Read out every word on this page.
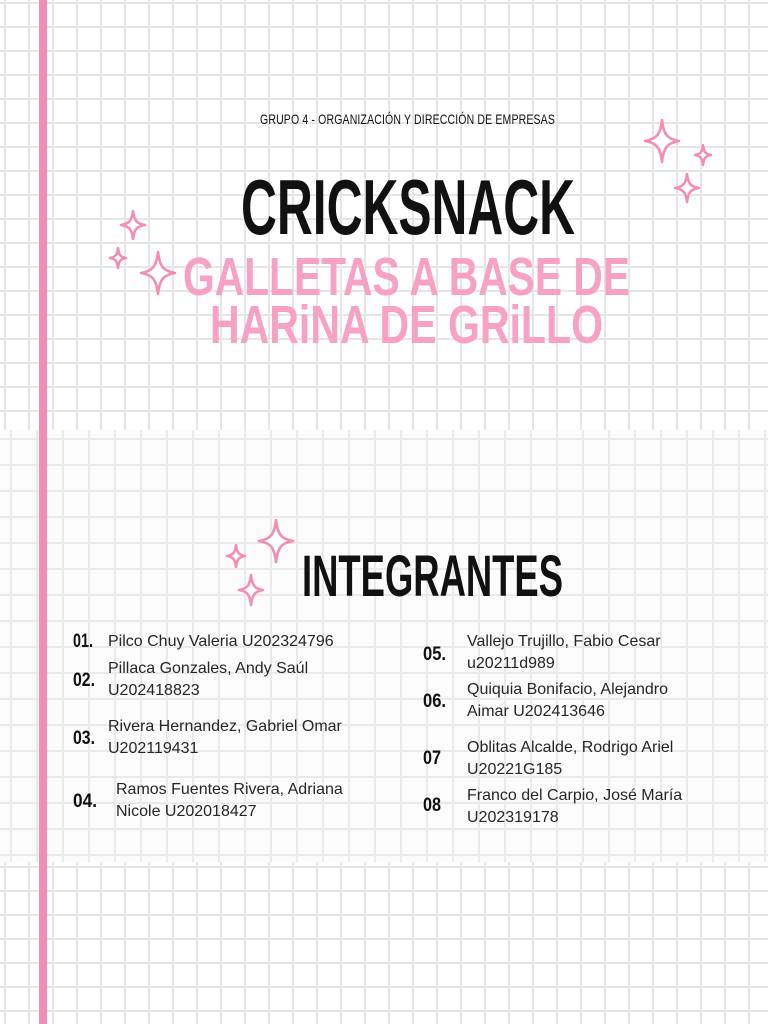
GRUPO 4 - ORGANIZACIÓN Y DIRECCIÓN DE EMPRESAS
CRICKSNACK
GALLETAS A BASE DE
HARiNA DE GRiLLO
INTEGRANTES
01. Pilco Chuy Valeria U202324796
02.
Pillaca Gonzales, Andy Saúl
U202418823
03.
Rivera Hernandez, Gabriel Omar
U202119431
04.
Ramos Fuentes Rivera, Adriana
Nicole U202018427
05.
Vallejo Trujillo, Fabio Cesar
u20211d989
06.
Quiquia Bonifacio, Alejandro
Aimar U202413646
07 Oblitas Alcalde, Rodrigo Ariel
U20221G185
08 Franco del Carpio, José María
U202319178
